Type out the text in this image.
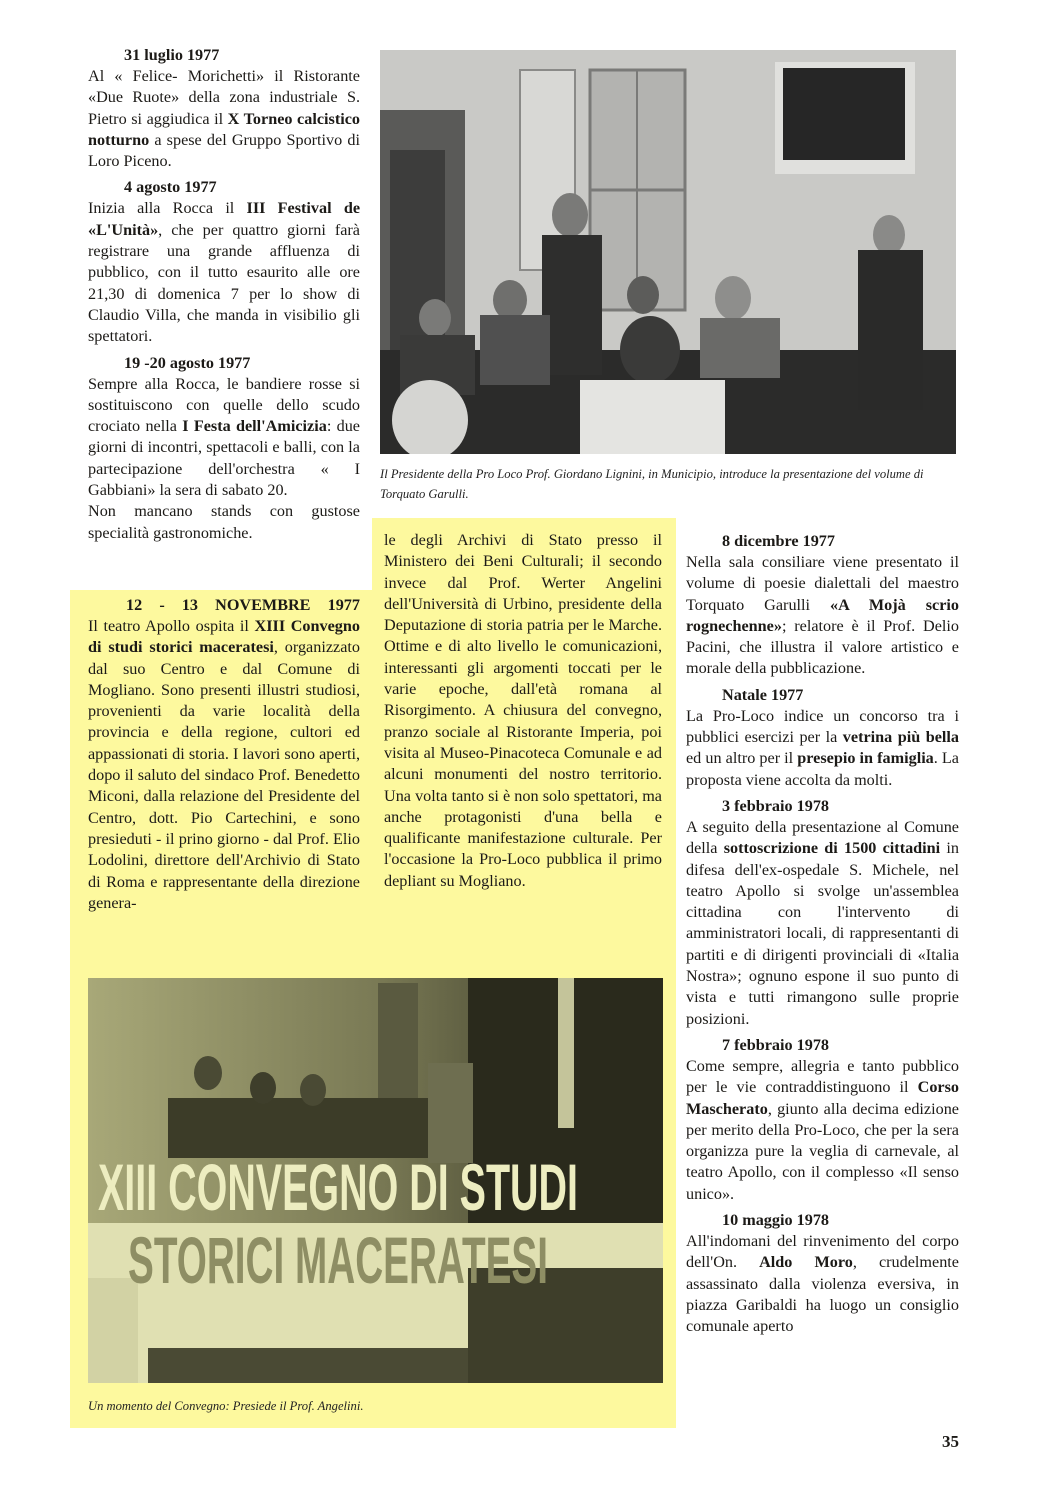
31 luglio 1977

Al « Felice- Morichetti» il Ristorante «Due Ruote» della zona industriale S. Pietro si aggiudica il X Torneo calcistico notturno a spese del Gruppo Sportivo di Loro Piceno.

4 agosto 1977

Inizia alla Rocca il III Festival de «L'Unità», che per quattro giorni farà registrare una grande affluenza di pubblico, con il tutto esaurito alle ore 21,30 di domenica 7 per lo show di Claudio Villa, che manda in visibilio gli spettatori.

19 -20 agosto 1977

Sempre alla Rocca, le bandiere rosse si sostituiscono con quelle dello scudo crociato nella I Festa dell'Amicizia: due giorni di incontri, spettacoli e balli, con la partecipazione dell'orchestra « I Gabbiani» la sera di sabato 20.

Non mancano stands con gustose specialità gastronomiche.

Il Presidente della Pro Loco Prof. Giordano Lignini, in Municipio, introduce la presentazione del volume di Torquato Garulli.
12 - 13 NOVEMBRE 1977

Il teatro Apollo ospita il XIII Convegno di studi storici maceratesi, organizzato dal suo Centro e dal Comune di Mogliano. Sono presenti illustri studiosi, provenienti da varie località della provincia e della regione, cultori ed appassionati di storia. I lavori sono aperti, dopo il saluto del sindaco Prof. Benedetto Miconi, dalla relazione del Presidente del Centro, dott. Pio Cartechini, e sono presieduti - il prino giorno - dal Prof. Elio Lodolini, direttore dell'Archivio di Stato di Roma e rappresentante della direzione genera-

le degli Archivi di Stato presso il Ministero dei Beni Culturali; il secondo invece dal Prof. Werter Angelini dell'Università di Urbino, presidente della Deputazione di storia patria per le Marche. Ottime e di alto livello le comunicazioni, interessanti gli argomenti toccati per le varie epoche, dall'età romana al Risorgimento. A chiusura del convegno, pranzo sociale al Ristorante Imperia, poi visita al Museo-Pinacoteca Comunale e ad alcuni monumenti del nostro territorio. Una volta tanto si è non solo spettatori, ma anche protagonisti d'una bella e qualificante manifestazione culturale. Per l'occasione la Pro-Loco pubblica il primo depliant su Mogliano.

XIII CONVEGNO DI STUDI
STORICI MACERATESI
Un momento del Convegno: Presiede il Prof. Angelini.
8 dicembre 1977

Nella sala consiliare viene presentato il volume di poesie dialettali del maestro Torquato Garulli «A Mojà scrio rognechenne»; relatore è il Prof. Delio Pacini, che illustra il valore artistico e morale della pubblicazione.

Natale 1977

La Pro-Loco indice un concorso tra i pubblici esercizi per la vetrina più bella ed un altro per il presepio in famiglia. La proposta viene accolta da molti.

3 febbraio 1978

A seguito della presentazione al Comune della sottoscrizione di 1500 cittadini in difesa dell'ex-ospedale S. Michele, nel teatro Apollo si svolge un'assemblea cittadina con l'intervento di amministratori locali, di rappresentanti di partiti e di dirigenti provinciali di «Italia Nostra»; ognuno espone il suo punto di vista e tutti rimangono sulle proprie posizioni.

7 febbraio 1978

Come sempre, allegria e tanto pubblico per le vie contraddistinguono il Corso Mascherato, giunto alla decima edizione per merito della Pro-Loco, che per la sera organizza pure la veglia di carnevale, al teatro Apollo, con il complesso «Il senso unico».

10 maggio 1978

All'indomani del rinvenimento del corpo dell'On. Aldo Moro, crudelmente assassinato dalla violenza eversiva, in piazza Garibaldi ha luogo un consiglio comunale aperto

35
